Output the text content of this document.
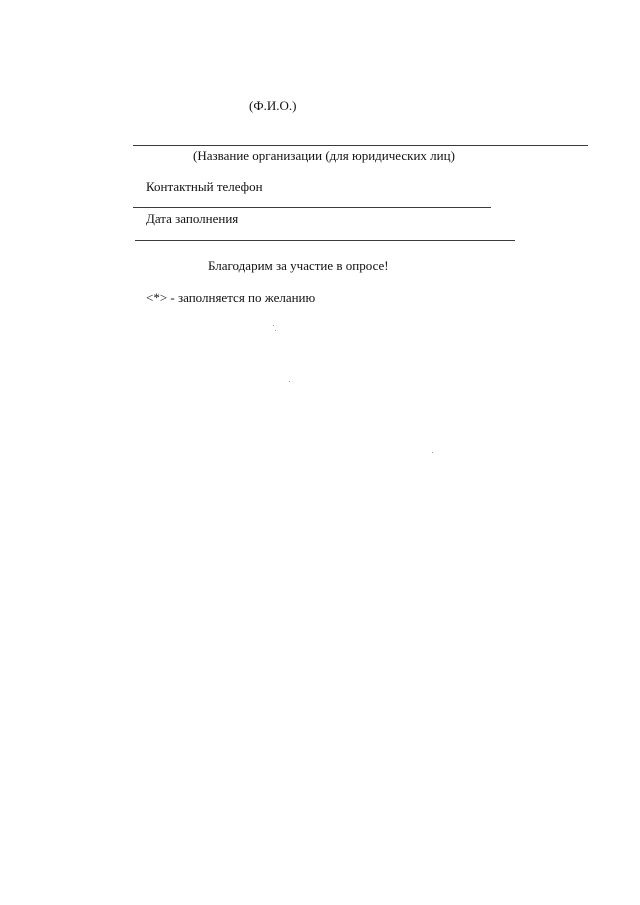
(Ф.И.О.)
(Название организации (для юридических лиц)
Контактный телефон
Дата заполнения
Благодарим за участие в опросе!
<*> - заполняется по желанию
